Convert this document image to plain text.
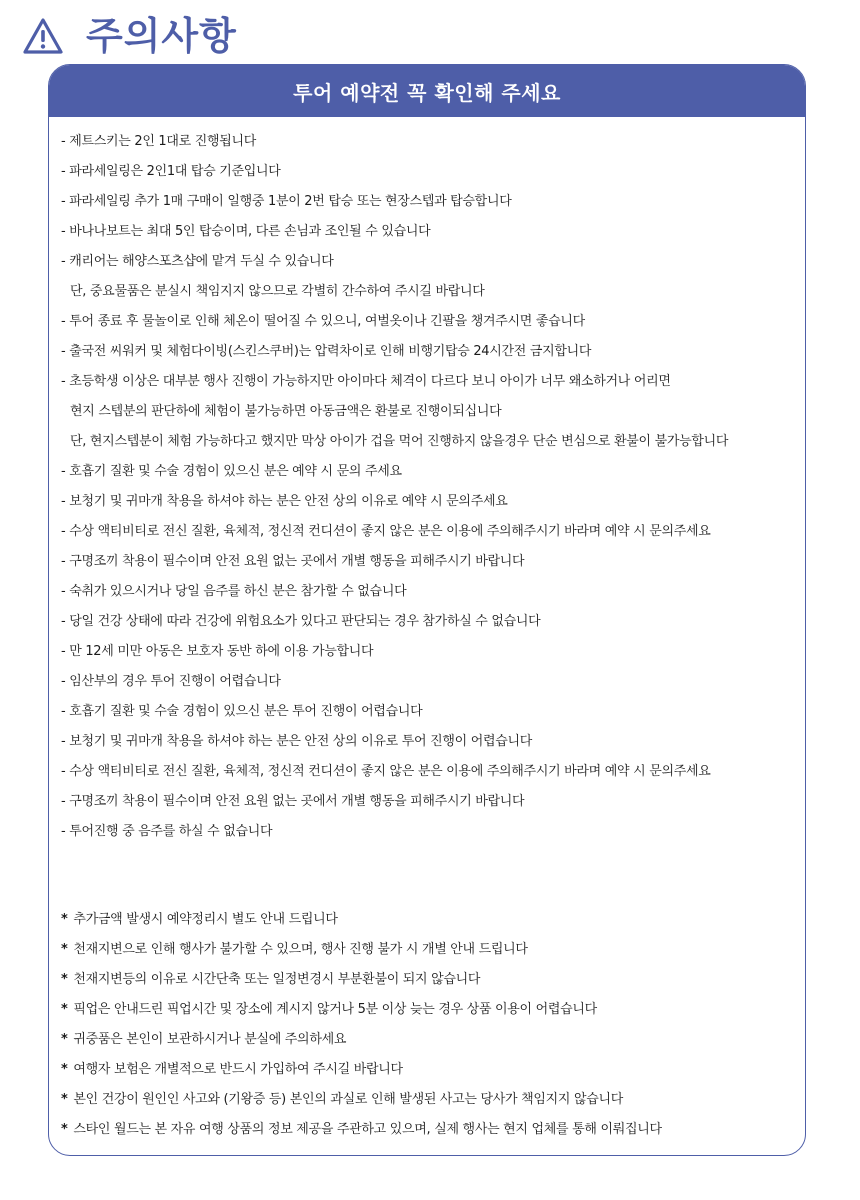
주의사항
투어 예약전 꼭 확인해 주세요
- 제트스키는 2인 1대로 진행됩니다
- 파라세일링은 2인1대 탑승 기준입니다
- 파라세일링 추가 1매 구매이 일행중 1분이 2번 탑승 또는 현장스텝과 탑승합니다
- 바나나보트는 최대 5인 탑승이며, 다른 손님과 조인될 수 있습니다
- 캐리어는 해양스포츠샵에 맡겨 두실 수 있습니다
단, 중요물품은 분실시 책임지지 않으므로 각별히 간수하여 주시길 바랍니다
- 투어 종료 후 물놀이로 인해 체온이 떨어질 수 있으니, 여벌옷이나 긴팔을 챙겨주시면 좋습니다
- 출국전 씨워커 및 체험다이빙(스킨스쿠버)는 압력차이로 인해 비행기탑승 24시간전 금지합니다
- 초등학생 이상은 대부분 행사 진행이 가능하지만 아이마다 체격이 다르다 보니 아이가 너무 왜소하거나 어리면
현지 스텝분의 판단하에 체험이 불가능하면 아동금액은 환불로 진행이되십니다
단, 현지스텝분이 체험 가능하다고 했지만 막상 아이가 겁을 먹어 진행하지 않을경우 단순 변심으로 환불이 불가능합니다
- 호흡기 질환 및 수술 경험이 있으신 분은 예약 시 문의 주세요
- 보청기 및 귀마개 착용을 하셔야 하는 분은 안전 상의 이유로 예약 시 문의주세요
- 수상 액티비티로 전신 질환, 육체적, 정신적 컨디션이 좋지 않은 분은 이용에 주의해주시기 바라며 예약 시 문의주세요
- 구명조끼 착용이 필수이며 안전 요원 없는 곳에서 개별 행동을 피해주시기 바랍니다
- 숙취가 있으시거나 당일 음주를 하신 분은 참가할 수 없습니다
- 당일 건강 상태에 따라 건강에 위험요소가 있다고 판단되는 경우 참가하실 수 없습니다
- 만 12세 미만 아동은 보호자 동반 하에 이용 가능합니다
- 임산부의 경우 투어 진행이 어렵습니다
- 호흡기 질환 및 수술 경험이 있으신 분은 투어 진행이 어렵습니다
- 보청기 및 귀마개 착용을 하셔야 하는 분은 안전 상의 이유로 투어 진행이 어렵습니다
- 수상 액티비티로 전신 질환, 육체적, 정신적 컨디션이 좋지 않은 분은 이용에 주의해주시기 바라며 예약 시 문의주세요
- 구명조끼 착용이 필수이며 안전 요원 없는 곳에서 개별 행동을 피해주시기 바랍니다
- 투어진행 중 음주를 하실 수 없습니다
* 추가금액 발생시 예약정리시 별도 안내 드립니다
* 천재지변으로 인해 행사가 불가할 수 있으며, 행사 진행 불가 시 개별 안내 드립니다
* 천재지변등의 이유로 시간단축 또는 일정변경시 부분환불이 되지 않습니다
* 픽업은 안내드린 픽업시간 및 장소에 계시지 않거나 5분 이상 늦는 경우 상품 이용이 어렵습니다
* 귀중품은 본인이 보관하시거나 분실에 주의하세요
* 여행자 보험은 개별적으로 반드시 가입하여 주시길 바랍니다
* 본인 건강이 원인인 사고와 (기왕증 등) 본인의 과실로 인해 발생된 사고는 당사가 책임지지 않습니다
* 스타인 월드는 본 자유 여행 상품의 정보 제공을 주관하고 있으며, 실제 행사는 현지 업체를 통해 이뤄집니다
